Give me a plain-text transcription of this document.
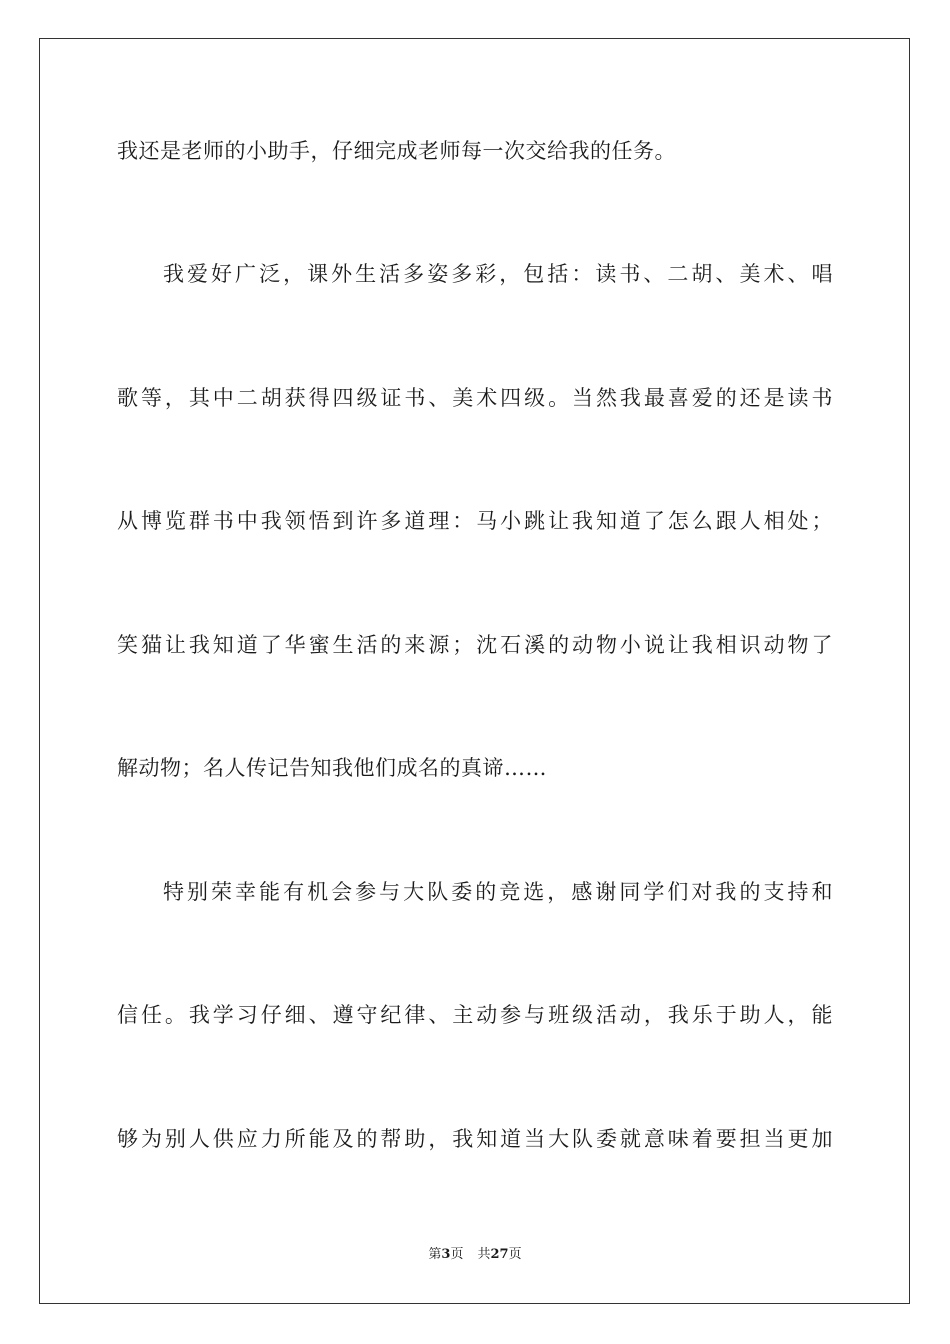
我还是老师的小助手，仔细完成老师每一次交给我的任务。
我爱好广泛，课外生活多姿多彩，包括：读书、二胡、美术、唱
歌等，其中二胡获得四级证书、美术四级。当然我最喜爱的还是读书
从博览群书中我领悟到许多道理：马小跳让我知道了怎么跟人相处；
笑猫让我知道了华蜜生活的来源；沈石溪的动物小说让我相识动物了
解动物；名人传记告知我他们成名的真谛……
特别荣幸能有机会参与大队委的竞选，感谢同学们对我的支持和
信任。我学习仔细、遵守纪律、主动参与班级活动，我乐于助人，能
够为别人供应力所能及的帮助，我知道当大队委就意味着要担当更加
第3页 共27页
